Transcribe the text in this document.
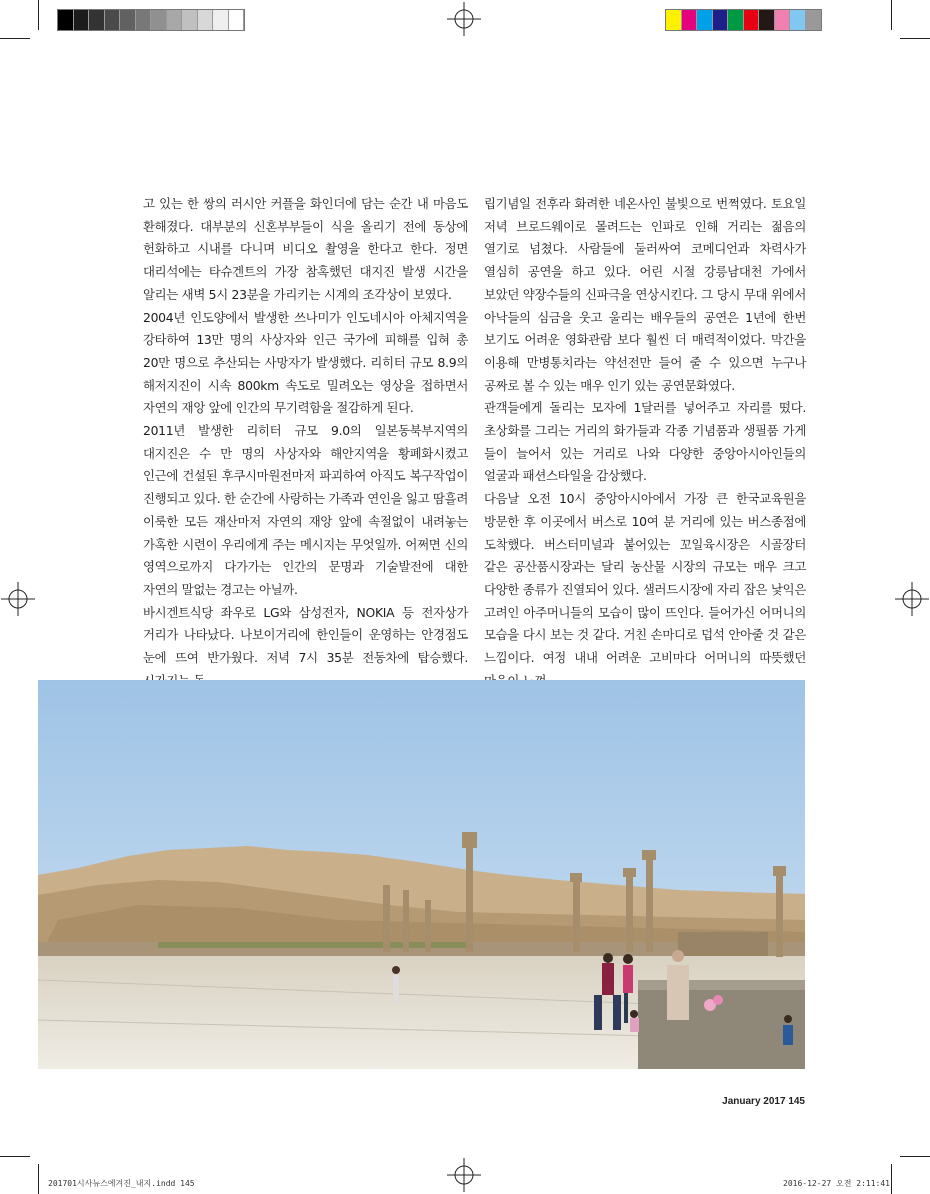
고 있는 한 쌍의 러시안 커플을 화인더에 담는 순간 내 마음도 환해졌다. 대부분의 신혼부부들이 식을 올리기 전에 동상에 헌화하고 시내를 다니며 비디오 촬영을 한다고 한다. 정면 대리석에는 타슈겐트의 가장 참혹했던 대지진 발생 시간을 알리는 새벽 5시 23분을 가리키는 시계의 조각상이 보였다.

2004년 인도양에서 발생한 쓰나미가 인도네시아 아체지역을 강타하여 13만 명의 사상자와 인근 국가에 피해를 입혀 총 20만 명으로 추산되는 사망자가 발생했다. 리히터 규모 8.9의 해저지진이 시속 800km 속도로 밀려오는 영상을 접하면서 자연의 재앙 앞에 인간의 무기력함을 절감하게 된다.

2011년 발생한 리히터 규모 9.0의 일본동북부지역의 대지진은 수 만 명의 사상자와 해안지역을 황폐화시켰고 인근에 건설된 후쿠시마원전마저 파괴하여 아직도 복구작업이 진행되고 있다. 한 순간에 사랑하는 가족과 연인을 잃고 땀흘려 이룩한 모든 재산마저 자연의 재앙 앞에 속절없이 내려놓는 가혹한 시련이 우리에게 주는 메시지는 무엇일까. 어쩌면 신의 영역으로까지 다가가는 인간의 문명과 기술발전에 대한 자연의 말없는 경고는 아닐까.

바시겐트식당 좌우로 LG와 삼성전자, NOKIA 등 전자상가 거리가 나타났다. 나보이거리에 한인들이 운영하는 안경점도 눈에 뜨여 반가웠다. 저녁 7시 35분 전동차에 탑승했다.

립기념일 전후라 화려한 네온사인 불빛으로 번쩍였다. 토요일 저녁 브로드웨이로 몰려드는 인파로 인해 거리는 젊음의 열기로 넘쳤다. 사람들에 둘러싸여 코메디언과 차력사가 열심히 공연을 하고 있다. 어린 시절 강릉남대천 가에서 보았던 약장수들의 신파극을 연상시킨다. 그 당시 무대 위에서 아낙들의 심금을 웃고 울리는 배우들의 공연은 1년에 한번 보기도 어려운 영화관람 보다 훨씬 더 매력적이었다. 막간을 이용해 만병통치라는 약선전만 들어 줄 수 있으면 누구나 공짜로 볼 수 있는 매우 인기 있는 공연문화였다.

관객들에게 돌리는 모자에 1달러를 넣어주고 자리를 떴다. 초상화를 그리는 거리의 화가들과 각종 기념품과 생필품 가게 들이 늘어서 있는 거리로 나와 다양한 중앙아시아인들의 얼굴과 패션스타일을 감상했다.

다음날 오전 10시 중앙아시아에서 가장 큰 한국교육원을 방문한 후 이곳에서 버스로 10여 분 거리에 있는 버스종점에 도착했다. 버스터미널과 붙어있는 꼬일육시장은 시골장터 같은 공산품시장과는 달리 농산물 시장의 규모는 매우 크고 다양한 종류가 진열되어 있다. 샐러드시장에 자리 잡은 낯익은 고려인 아주머니들의 모습이 많이 뜨인다. 들어가신 어머니의 모습을 다시 보는 것 같다. 거친 손마디로 덥석 안아줄 것 같은 느낌이다. 여정 내내 어려운 고비마다 어머니의 따뜻했던

January 2017 145
201701시사뉴스에겨진_내지.indd 145	2016-12-27 오전 2:11:41
